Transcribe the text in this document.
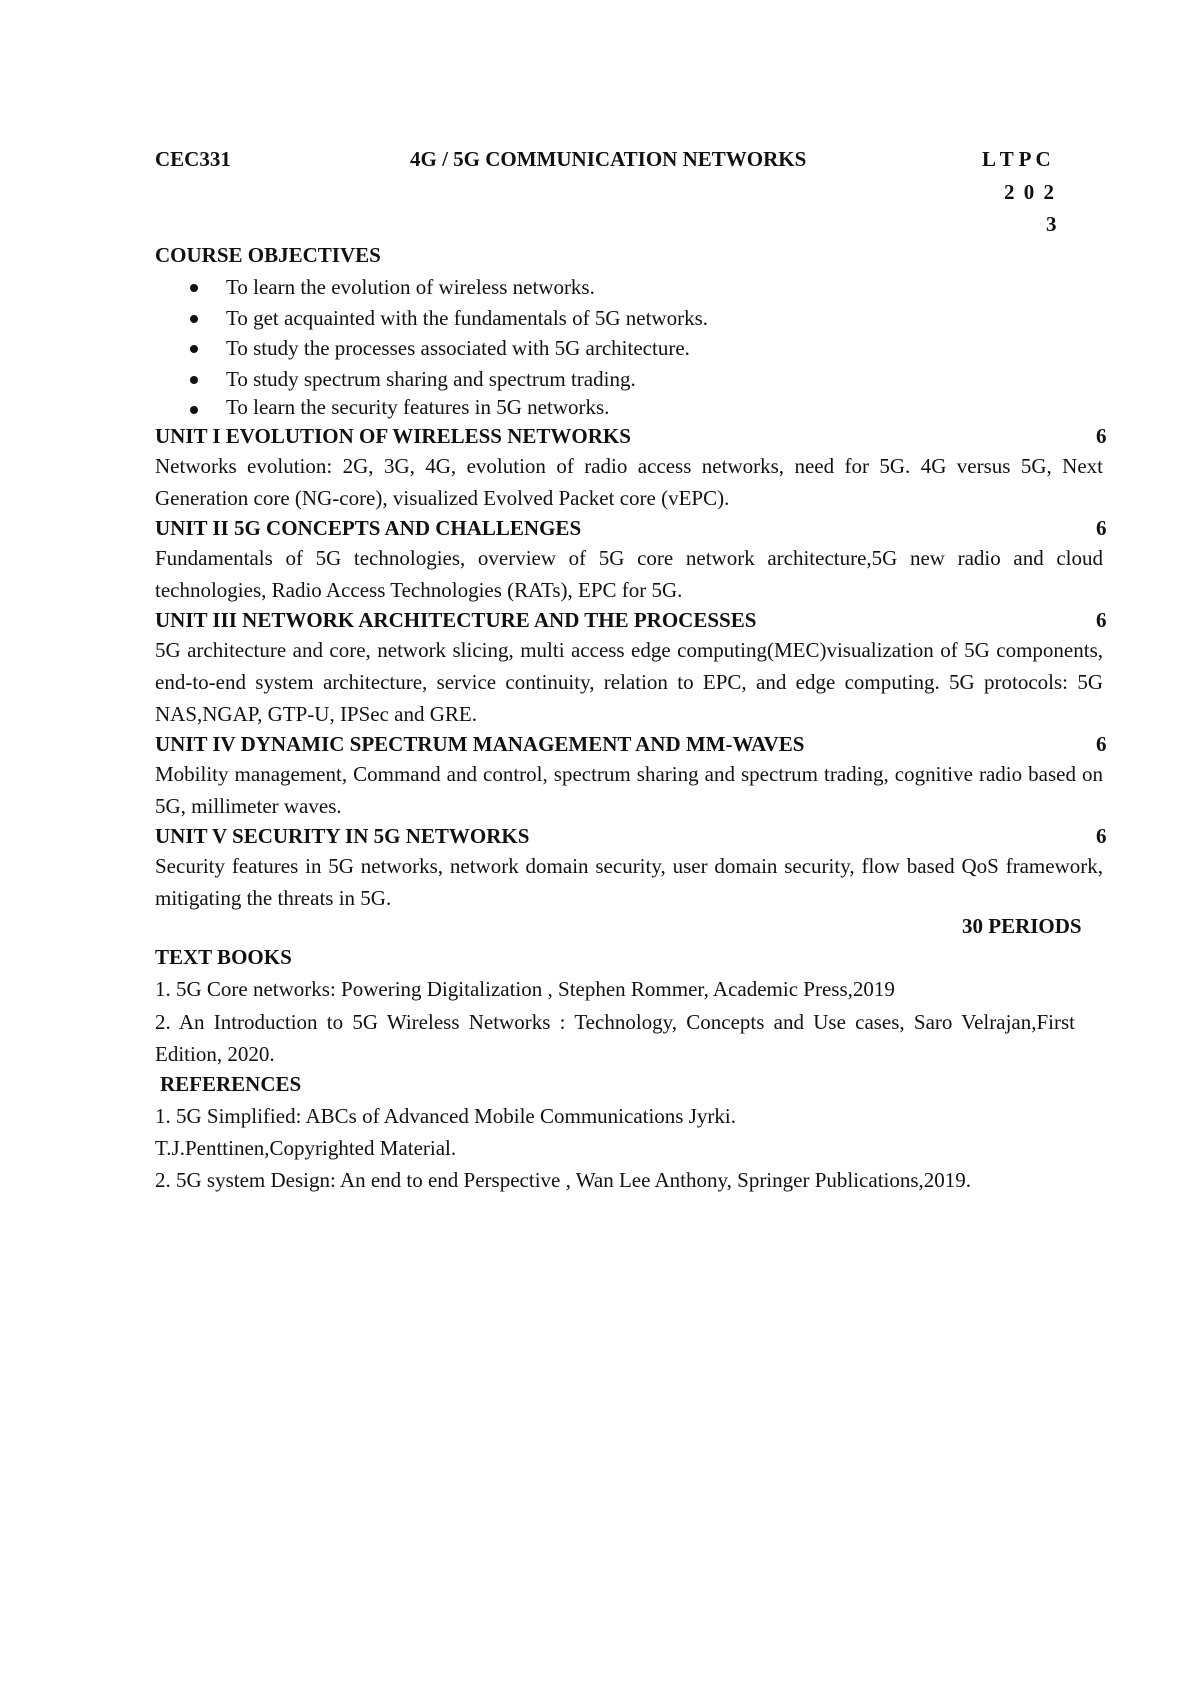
CEC331	4G / 5G COMMUNICATION NETWORKS	L T P C
2 0 2
3
COURSE OBJECTIVES
To learn the evolution of wireless networks.
To get acquainted with the fundamentals of 5G networks.
To study the processes associated with 5G architecture.
To study spectrum sharing and spectrum trading.
To learn the security features in 5G networks.
UNIT I EVOLUTION OF WIRELESS NETWORKS	6
Networks evolution: 2G, 3G, 4G, evolution of radio access networks, need for 5G. 4G versus 5G, Next Generation core (NG-core), visualized Evolved Packet core (vEPC).
UNIT II 5G CONCEPTS AND CHALLENGES	6
Fundamentals of 5G technologies, overview of 5G core network architecture,5G new radio and cloud technologies, Radio Access Technologies (RATs), EPC for 5G.
UNIT III NETWORK ARCHITECTURE AND THE PROCESSES	6
5G architecture and core, network slicing, multi access edge computing(MEC)visualization of 5G components, end-to-end system architecture, service continuity, relation to EPC, and edge computing. 5G protocols: 5G NAS,NGAP, GTP-U, IPSec and GRE.
UNIT IV DYNAMIC SPECTRUM MANAGEMENT AND MM-WAVES	6
Mobility management, Command and control, spectrum sharing and spectrum trading, cognitive radio based on 5G, millimeter waves.
UNIT V SECURITY IN 5G NETWORKS	6
Security features in 5G networks, network domain security, user domain security, flow based QoS framework, mitigating the threats in 5G.
30 PERIODS
TEXT BOOKS
1. 5G Core networks: Powering Digitalization , Stephen Rommer, Academic Press,2019
2. An Introduction to 5G Wireless Networks : Technology, Concepts and Use cases, Saro Velrajan,First Edition, 2020.
REFERENCES
1. 5G Simplified: ABCs of Advanced Mobile Communications Jyrki.
T.J.Penttinen,Copyrighted Material.
2. 5G system Design: An end to end Perspective , Wan Lee Anthony, Springer Publications,2019.
